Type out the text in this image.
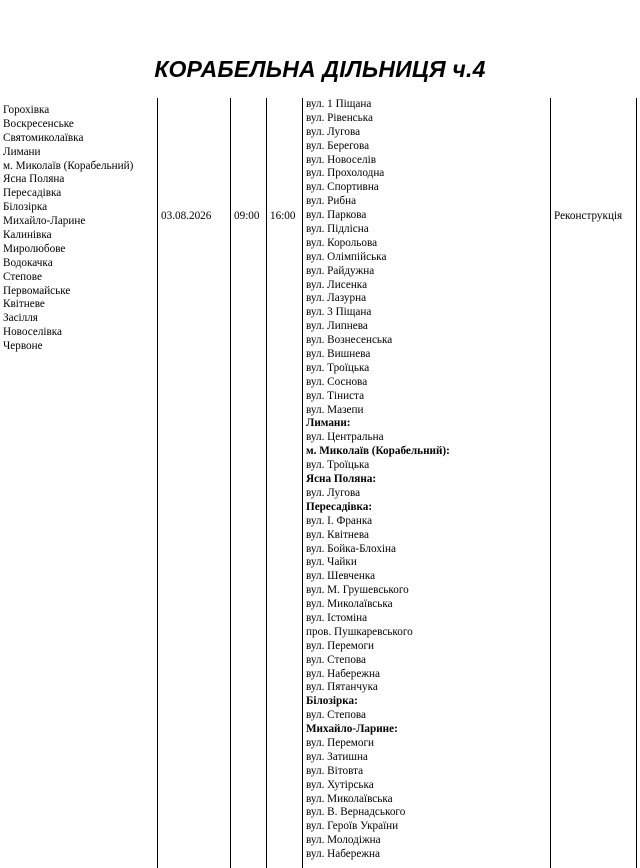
КОРАБЕЛЬНА ДІЛЬНИЦЯ ч.4
Горохівка
Воскресенське
Святомиколаївка
Лимани
м. Миколаїв (Корабельний)
Ясна Поляна
Пересадівка
Білозірка
Михайло-Ларине
Калинівка
Миролюбове
Водокачка
Степове
Первомайське
Квітневе
Засілля
Новоселівка
Червоне
03.08.2026 09:00 16:00	Реконструкція
вул. 1 Піщана
вул. Рівенська
вул. Лугова
вул. Берегова
вул. Новоселів
вул. Прохолодна
вул. Спортивна
вул. Рибна
вул. Паркова
вул. Підлісна
вул. Корольова
вул. Олімпійська
вул. Райдужна
вул. Лисенка
вул. Лазурна
вул. 3 Піщана
вул. Липнева
вул. Вознесенська
вул. Вишнева
вул. Троїцька
вул. Соснова
вул. Тіниста
вул. Мазепи
Лимани:
вул. Центральна
м. Миколаїв (Корабельний):
вул. Троїцька
Ясна Поляна:
вул. Лугова
Пересадівка:
вул. І. Франка
вул. Квітнева
вул. Бойка-Блохіна
вул. Чайки
вул. Шевченка
вул. М. Грушевського
вул. Миколаївська
вул. Істоміна
пров. Пушкаревського
вул. Перемоги
вул. Степова
вул. Набережна
вул. Пятанчука
Білозірка:
вул. Степова
Михайло-Ларине:
вул. Перемоги
вул. Затишна
вул. Вітовта
вул. Хутірська
вул. Миколаївська
вул. В. Вернадського
вул. Героїв України
вул. Молодіжна
вул. Набережна
